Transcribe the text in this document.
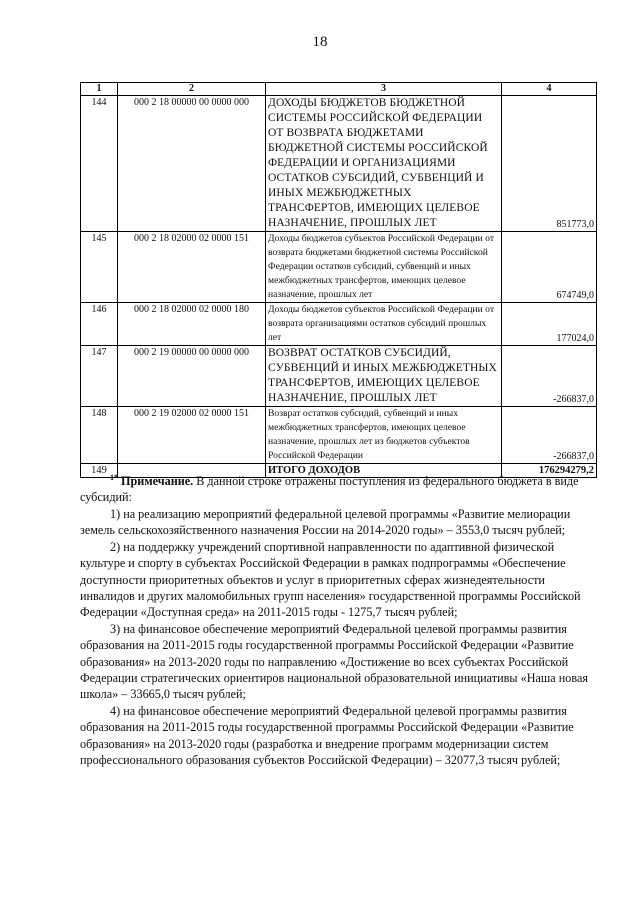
18
1	2	3	4
144	000 2 18 00000 00 0000 000	ДОХОДЫ БЮДЖЕТОВ БЮДЖЕТНОЙ СИСТЕМЫ РОССИЙСКОЙ ФЕДЕРАЦИИ ОТ ВОЗВРАТА БЮДЖЕТАМИ БЮДЖЕТНОЙ СИСТЕМЫ РОССИЙСКОЙ ФЕДЕРАЦИИ И ОРГАНИЗАЦИЯМИ ОСТАТКОВ СУБСИДИЙ, СУБВЕНЦИЙ И ИНЫХ МЕЖБЮДЖЕТНЫХ ТРАНСФЕРТОВ, ИМЕЮЩИХ ЦЕЛЕВОЕ НАЗНАЧЕНИЕ, ПРОШЛЫХ ЛЕТ	851773,0
145	000 2 18 02000 02 0000 151	Доходы бюджетов субъектов Российской Федерации от возврата бюджетами бюджетной системы Российской Федерации остатков субсидий, субвенций и иных межбюджетных трансфертов, имеющих целевое назначение, прошлых лет	674749,0
146	000 2 18 02000 02 0000 180	Доходы бюджетов субъектов Российской Федерации от возврата организациями остатков субсидий прошлых лет	177024,0
147	000 2 19 00000 00 0000 000	ВОЗВРАТ ОСТАТКОВ СУБСИДИЙ, СУБВЕНЦИЙ И ИНЫХ МЕЖБЮДЖЕТНЫХ ТРАНСФЕРТОВ, ИМЕЮЩИХ ЦЕЛЕВОЕ НАЗНАЧЕНИЕ, ПРОШЛЫХ ЛЕТ	-266837,0
148	000 2 19 02000 02 0000 151	Возврат остатков субсидий, субвенций и иных межбюджетных трансфертов, имеющих целевое назначение, прошлых лет из бюджетов субъектов Российской Федерации	-266837,0
149		ИТОГО ДОХОДОВ	176294279,2

$^{1*}$ Примечание. В данной строке отражены поступления из федерального бюджета в виде субсидий:

1) на реализацию мероприятий федеральной целевой программы «Развитие мелиорации земель сельскохозяйственного назначения России на 2014-2020 годы» – 3553,0 тысяч рублей;

2) на поддержку учреждений спортивной направленности по адаптивной физической культуре и спорту в субъектах Российской Федерации в рамках подпрограммы «Обеспечение доступности приоритетных объектов и услуг в приоритетных сферах жизнедеятельности инвалидов и других маломобильных групп населения» государственной программы Российской Федерации «Доступная среда» на 2011-2015 годы - 1275,7 тысяч рублей;

3) на финансовое обеспечение мероприятий Федеральной целевой программы развития образования на 2011-2015 годы государственной программы Российской Федерации «Развитие образования» на 2013-2020 годы по направлению «Достижение во всех субъектах Российской Федерации стратегических ориентиров национальной образовательной инициативы «Наша новая школа» – 33665,0 тысяч рублей;

4) на финансовое обеспечение мероприятий Федеральной целевой программы развития образования на 2011-2015 годы государственной программы Российской Федерации «Развитие образования» на 2013-2020 годы (разработка и внедрение программ модернизации систем профессионального образования субъектов Российской Федерации) – 32077,3 тысяч рублей;
